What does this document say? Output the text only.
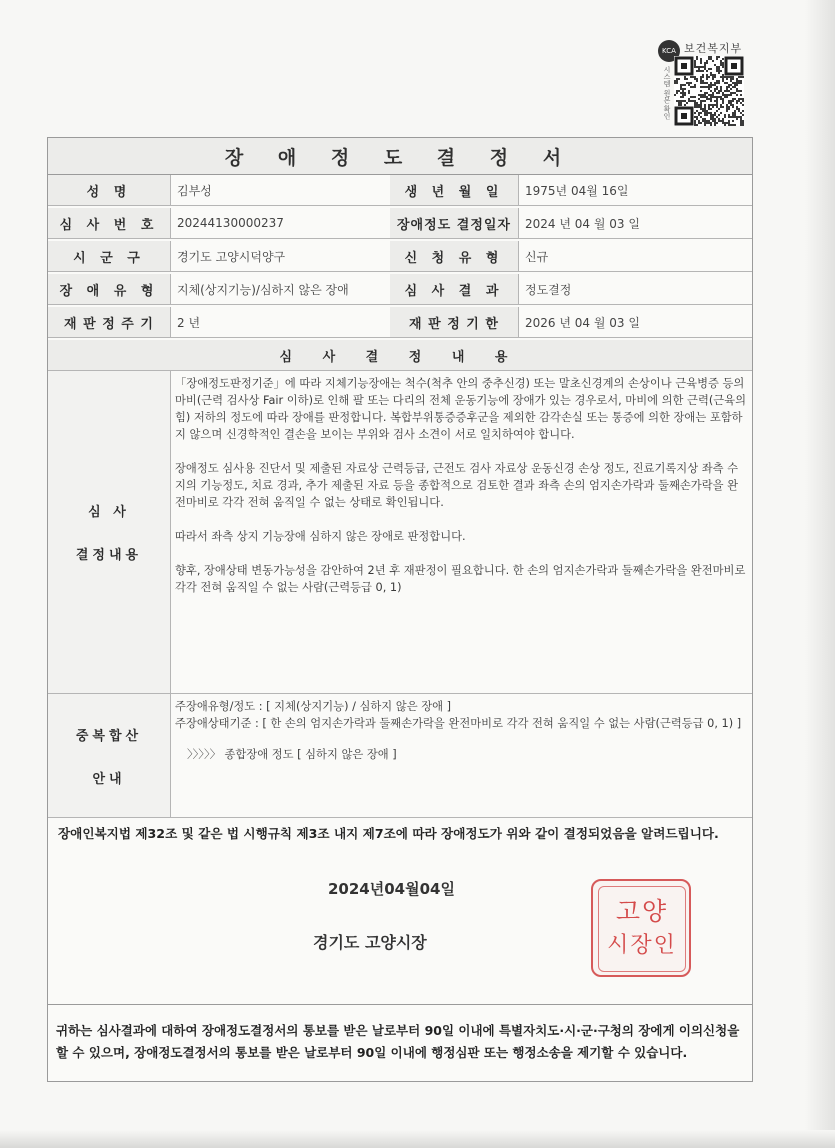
KCA 보건복지부
시스템 원본 확인
장 애 정 도 결 정 서
성 명	김부성	생 년 월 일	1975년 04월 16일
심 사 번 호	20244130000237	장애정도 결정일자	2024 년 04 월 03 일
시 군 구	경기도 고양시덕양구	신 청 유 형	신규
장 애 유 형	지체(상지기능)/심하지 않은 장애	심 사 결 과	정도결정
재 판 정 주 기	2 년	재 판 정 기 한	2026 년 04 월 03 일
심 사 결 정 내 용
심 사
결정내용

「장애정도판정기준」에 따라 지체기능장애는 척수(척추 안의 중추신경) 또는 말초신경계의 손상이나 근육병증 등의 마비(근력 검사상 Fair 이하)로 인해 팔 또는 다리의 전체 운동기능에 장애가 있는 경우로서, 마비에 의한 근력(근육의 힘) 저하의 정도에 따라 장애를 판정합니다. 복합부위통증증후군을 제외한 감각손실 또는 통증에 의한 장애는 포함하지 않으며 신경학적인 결손을 보이는 부위와 검사 소견이 서로 일치하여야 합니다.

장애정도 심사용 진단서 및 제출된 자료상 근력등급, 근전도 검사 자료상 운동신경 손상 정도, 진료기록지상 좌측 수지의 기능정도, 치료 경과, 추가 제출된 자료 등을 종합적으로 검토한 결과 좌측 손의 엄지손가락과 둘째손가락을 완전마비로 각각 전혀 움직일 수 없는 상태로 확인됩니다.

따라서 좌측 상지 기능장애 심하지 않은 장애로 판정합니다.

향후, 장애상태 변동가능성을 감안하여 2년 후 재판정이 필요합니다. 한 손의 엄지손가락과 둘째손가락을 완전마비로 각각 전혀 움직일 수 없는 사람(근력등급 0, 1)

중복합산
안내
주장애유형/정도 : [ 지체(상지기능) / 심하지 않은 장애 ]
주장애상태기준 : [ 한 손의 엄지손가락과 둘째손가락을 완전마비로 각각 전혀 움직일 수 없는 사람(근력등급 0, 1) ]
〉〉〉〉〉 종합장애 정도 [ 심하지 않은 장애 ]
장애인복지법 제32조 및 같은 법 시행규칙 제3조 내지 제7조에 따라 장애정도가 위와 같이 결정되었음을 알려드립니다.
2024년04월04일
경기도 고양시장
고양
시장인
귀하는 심사결과에 대하여 장애정도결정서의 통보를 받은 날로부터 90일 이내에 특별자치도·시·군·구청의 장에게 이의신청을 할 수 있으며, 장애정도결정서의 통보를 받은 날로부터 90일 이내에 행정심판 또는 행정소송을 제기할 수 있습니다.
